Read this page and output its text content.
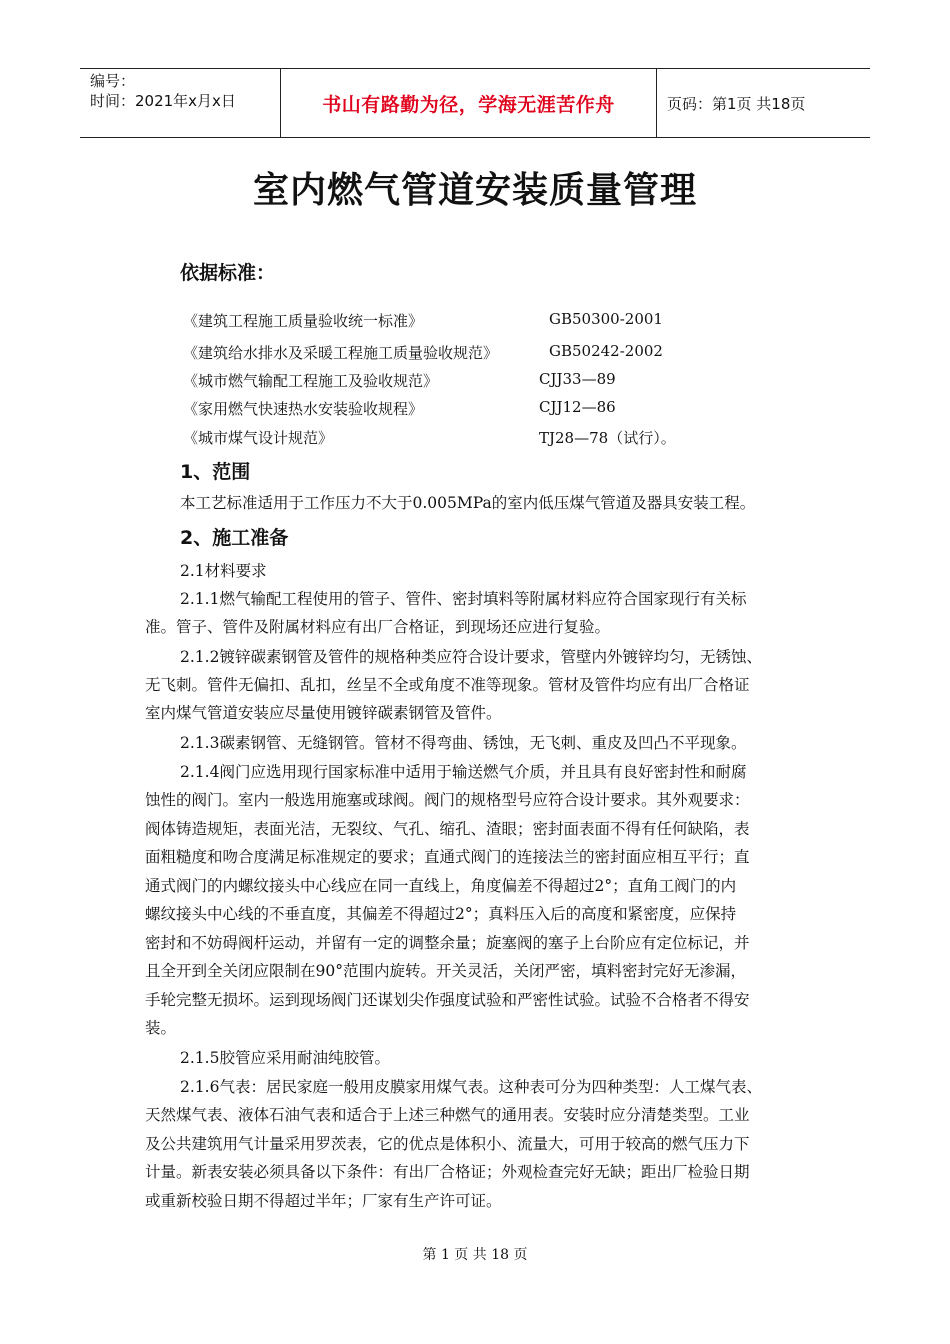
编号：
时间：2021年x月x日	书山有路勤为径，学海无涯苦作舟	页码：第1页 共18页
室内燃气管道安装质量管理
依据标准：
《建筑工程施工质量验收统一标准》	GB50300-2001
《建筑给水排水及采暖工程施工质量验收规范》	GB50242-2002
《城市燃气输配工程施工及验收规范》	CJJ33—89
《家用燃气快速热水安装验收规程》	CJJ12—86
《城市煤气设计规范》	TJ28—78（试行）。
1、范围
本工艺标准适用于工作压力不大于0.005MPa的室内低压煤气管道及器具安装工程。
2、施工准备
2.1材料要求
2.1.1燃气输配工程使用的管子、管件、密封填料等附属材料应符合国家现行有关标
准。管子、管件及附属材料应有出厂合格证，到现场还应进行复验。
2.1.2镀锌碳素钢管及管件的规格种类应符合设计要求，管壁内外镀锌均匀，无锈蚀、
无飞刺。管件无偏扣、乱扣，丝呈不全或角度不准等现象。管材及管件均应有出厂合格证
室内煤气管道安装应尽量使用镀锌碳素钢管及管件。
2.1.3碳素钢管、无缝钢管。管材不得弯曲、锈蚀，无飞刺、重皮及凹凸不平现象。
2.1.4阀门应选用现行国家标准中适用于输送燃气介质，并且具有良好密封性和耐腐
蚀性的阀门。室内一般选用施塞或球阀。阀门的规格型号应符合设计要求。其外观要求：
阀体铸造规矩，表面光洁，无裂纹、气孔、缩孔、渣眼；密封面表面不得有任何缺陷，表
面粗糙度和吻合度满足标准规定的要求；直通式阀门的连接法兰的密封面应相互平行；直
通式阀门的内螺纹接头中心线应在同一直线上，角度偏差不得超过2°；直角工阀门的内
螺纹接头中心线的不垂直度，其偏差不得超过2°；真料压入后的高度和紧密度，应保持
密封和不妨碍阀杆运动，并留有一定的调整余量；旋塞阀的塞子上台阶应有定位标记，并
且全开到全关闭应限制在90°范围内旋转。开关灵活，关闭严密，填料密封完好无渗漏，
手轮完整无损坏。运到现场阀门还谋划尖作强度试验和严密性试验。试验不合格者不得安
装。
2.1.5胶管应采用耐油纯胶管。
2.1.6气表：居民家庭一般用皮膜家用煤气表。这种表可分为四种类型：人工煤气表、
天然煤气表、液体石油气表和适合于上述三种燃气的通用表。安装时应分清楚类型。工业
及公共建筑用气计量采用罗茨表，它的优点是体积小、流量大，可用于较高的燃气压力下
计量。新表安装必须具备以下条件：有出厂合格证；外观检查完好无缺；距出厂检验日期
或重新校验日期不得超过半年；厂家有生产许可证。
第 1 页 共 18 页
